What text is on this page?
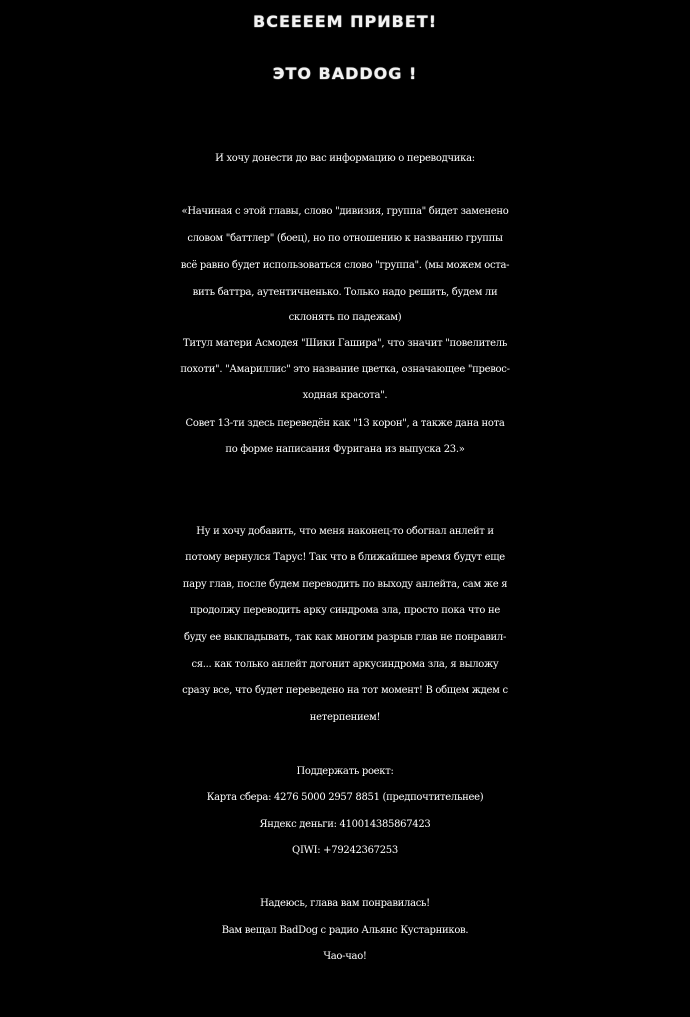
ВСЕЕЕЕМ ПРИВЕТ!
ЭТО BADDOG !
И хочу донести до вас информацию о переводчика:
«Начиная с этой главы, слово "дивизия, группа" бидет заменено
словом "баттлер" (боец), но по отношению к названию группы
всё равно будет использоваться слово "группа". (мы можем оста-
вить баттра, аутентичненько. Только надо решить, будем ли
склонять по падежам)
Титул матери Асмодея "Шики Гашира", что значит "повелитель
похоти". "Амариллис" это название цветка, означающее "превос-
ходная красота".
Совет 13-ти здесь переведён как "13 корон", а также дана нота
по форме написания Фуригана из выпуска 23.»
Ну и хочу добавить, что меня наконец-то обогнал анлейт и
потому вернулся Тарус! Так что в ближайшее время будут еще
пару глав, после будем переводить по выходу анлейта, сам же я
продолжу переводить арку синдрома зла, просто пока что не
буду ее выкладывать, так как многим разрыв глав не понравил-
ся... как только анлейт догонит аркусиндрома зла, я выложу
сразу все, что будет переведено на тот момент! В общем ждем с
нетерпением!
Поддержать роект:
Карта сбера: 4276 5000 2957 8851 (предпочтительнее)
Яндекс деньги: 410014385867423
QIWI: +79242367253
Надеюсь, глава вам понравилась!
Вам вещал BadDog с радио Альянс Кустарников.
Чао-чао!
